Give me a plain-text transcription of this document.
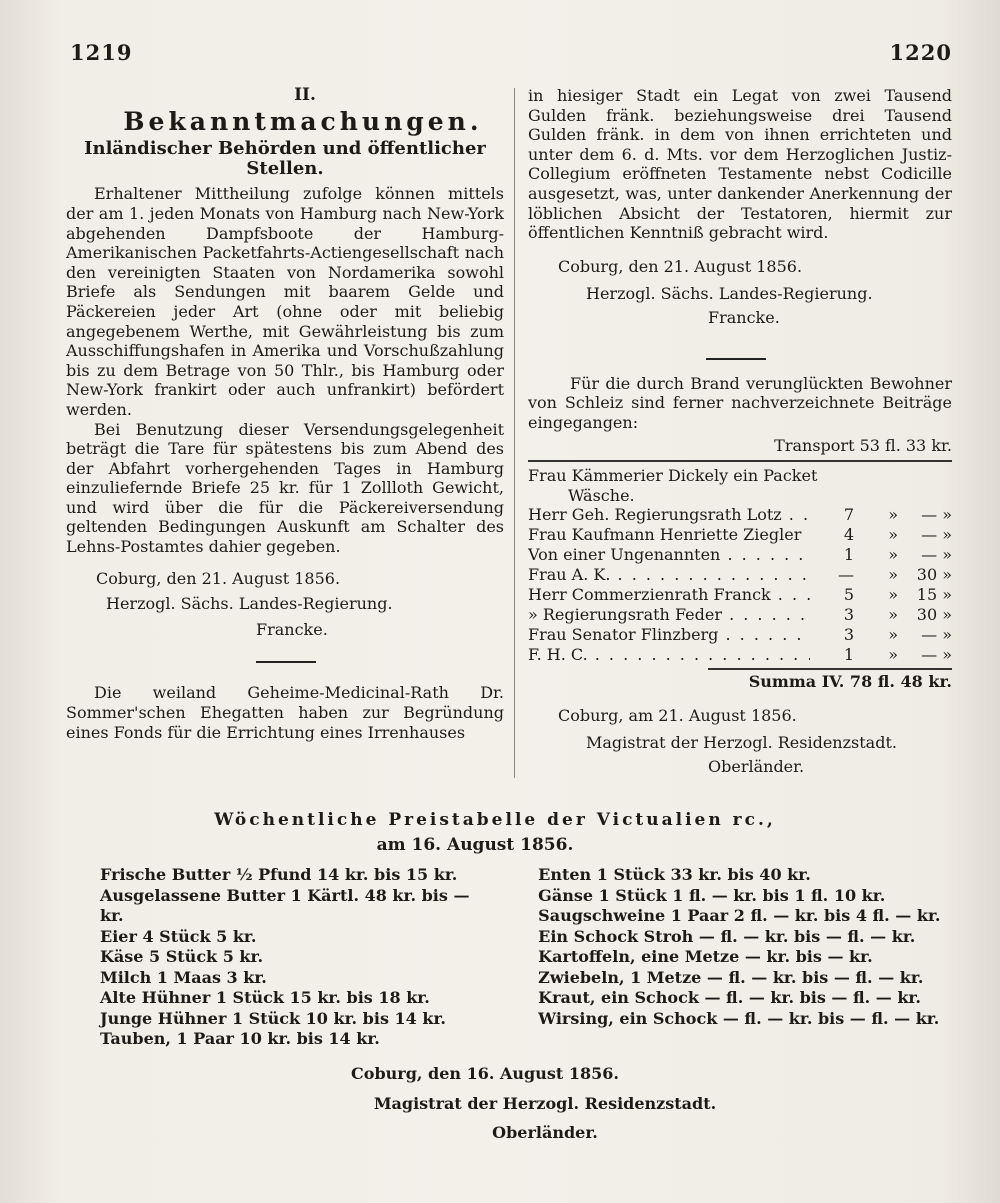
1219	1220
II.
Bekanntmachungen.
Inländischer Behörden und öffentlicher Stellen.

Erhaltener Mittheilung zufolge können mittels der am 1. jeden Monats von Hamburg nach New-York abgehenden Dampfsboote der Hamburg-Amerikanischen Packetfahrts-Actiengesellschaft nach den vereinigten Staaten von Nordamerika sowohl Briefe als Sendungen mit baarem Gelde und Päckereien jeder Art (ohne oder mit beliebig angegebenem Werthe, mit Gewährleistung bis zum Ausschiffungshafen in Amerika und Vorschußzahlung bis zu dem Betrage von 50 Thlr., bis Hamburg oder New-York frankirt oder auch unfrankirt) befördert werden.

Bei Benutzung dieser Versendungsgelegenheit beträgt die Tare für spätestens bis zum Abend des der Abfahrt vorhergehenden Tages in Hamburg einzuliefernde Briefe 25 kr. für 1 Zollloth Gewicht, und wird über die für die Päckereiversendung geltenden Bedingungen Auskunft am Schalter des Lehns-Postamtes dahier gegeben.

Coburg, den 21. August 1856.
Herzogl. Sächs. Landes-Regierung.
Francke.

Die weiland Geheime-Medicinal-Rath Dr. Sommer'schen Ehegatten haben zur Begründung eines Fonds für die Errichtung eines Irrenhauses

in hiesiger Stadt ein Legat von zwei Tausend Gulden fränk. beziehungsweise drei Tausend Gulden fränk. in dem von ihnen errichteten und unter dem 6. d. Mts. vor dem Herzoglichen Justiz-Collegium eröffneten Testamente nebst Codicille ausgesetzt, was, unter dankender Anerkennung der löblichen Absicht der Testatoren, hiermit zur öffentlichen Kenntniß gebracht wird.

Coburg, den 21. August 1856.
Herzogl. Sächs. Landes-Regierung.
Francke.

Für die durch Brand verunglückten Bewohner von Schleiz sind ferner nachverzeichnete Beiträge eingegangen:

Transport 53 fl. 33 kr.
Frau Kämmerier Dickely ein Packet
Wäsche.
Herr Geh. Regierungsrath Lotz . . .	7	»	— »
Frau Kaufmann Henriette Ziegler . . .	4	»	— »
Von einer Ungenannten . . .	1	»	— »
Frau A. K. . . .	—	»	30 »
Herr Commerzienrath Franck . . .	5	»	15 »
» Regierungsrath Feder . . .	3	»	30 »
Frau Senator Flinzberg . . .	3	»	— »
F. H. C. . . .	1	»	— »
Summa IV. 78 fl. 48 kr.
Coburg, am 21. August 1856.
Magistrat der Herzogl. Residenzstadt.
Oberländer.
Wöchentliche Preistabelle der Victualien rc.,
am 16. August 1856.
Frische Butter ½ Pfund 14 kr. bis 15 kr.
Ausgelassene Butter 1 Kärtl. 48 kr. bis — kr.
Eier 4 Stück 5 kr.
Käse 5 Stück 5 kr.
Milch 1 Maas 3 kr.
Alte Hühner 1 Stück 15 kr. bis 18 kr.
Junge Hühner 1 Stück 10 kr. bis 14 kr.
Tauben, 1 Paar 10 kr. bis 14 kr.
Enten 1 Stück 33 kr. bis 40 kr.
Gänse 1 Stück 1 fl. — kr. bis 1 fl. 10 kr.
Saugschweine 1 Paar 2 fl. — kr. bis 4 fl. — kr.
Ein Schock Stroh — fl. — kr. bis — fl. — kr.
Kartoffeln, eine Metze — kr. bis — kr.
Zwiebeln, 1 Metze — fl. — kr. bis — fl. — kr.
Kraut, ein Schock — fl. — kr. bis — fl. — kr.
Wirsing, ein Schock — fl. — kr. bis — fl. — kr.
Coburg, den 16. August 1856.
Magistrat der Herzogl. Residenzstadt.
Oberländer.
